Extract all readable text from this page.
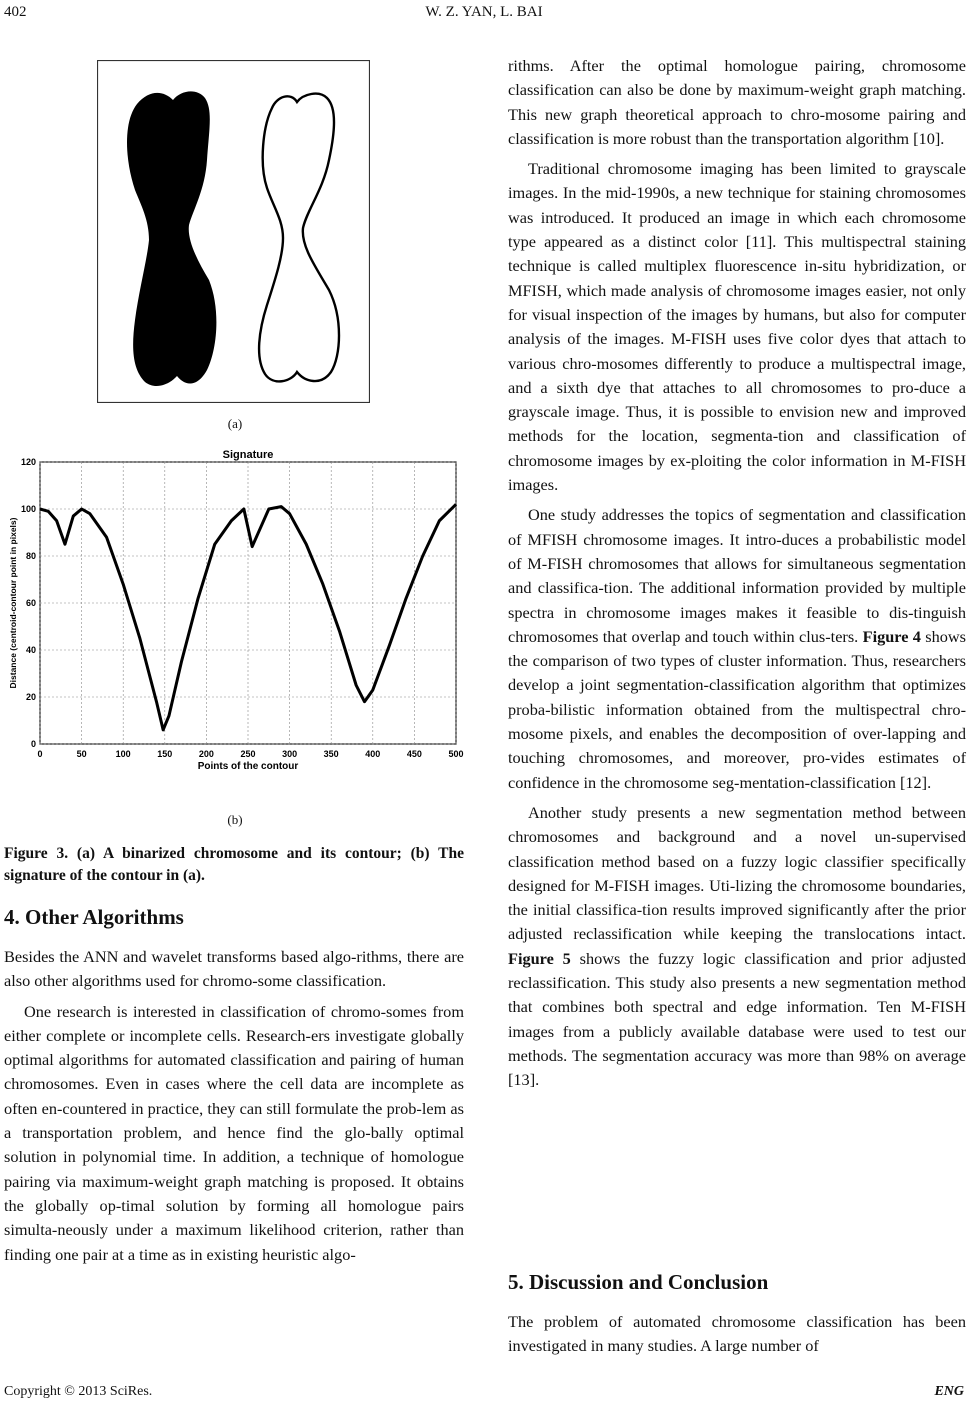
402	W. Z. YAN, L. BAI
(a)
0	50	100	150	200	250	300	350	400	450	500
0
20
40
60
80
100
120
Signature
Points of the contour
Distance (centroid-contour point in pixels)
(b)
Figure 3. (a) A binarized chromosome and its contour; (b) The signature of the contour in (a).
4. Other Algorithms

Besides the ANN and wavelet transforms based algo-rithms, there are also other algorithms used for chromo-some classification.

One research is interested in classification of chromo-somes from either complete or incomplete cells. Research-ers investigate globally optimal algorithms for automated classification and pairing of human chromosomes. Even in cases where the cell data are incomplete as often en-countered in practice, they can still formulate the prob-lem as a transportation problem, and hence find the glo-bally optimal solution in polynomial time. In addition, a technique of homologue pairing via maximum-weight graph matching is proposed. It obtains the globally op-timal solution by forming all homologue pairs simulta-neously under a maximum likelihood criterion, rather than finding one pair at a time as in existing heuristic algo-

rithms. After the optimal homologue pairing, chromosome classification can also be done by maximum-weight graph matching. This new graph theoretical approach to chro-mosome pairing and classification is more robust than the transportation algorithm [10].

Traditional chromosome imaging has been limited to grayscale images. In the mid-1990s, a new technique for staining chromosomes was introduced. It produced an image in which each chromosome type appeared as a distinct color [11]. This multispectral staining technique is called multiplex fluorescence in-situ hybridization, or MFISH, which made analysis of chromosome images easier, not only for visual inspection of the images by humans, but also for computer analysis of the images. M-FISH uses five color dyes that attach to various chro-mosomes differently to produce a multispectral image, and a sixth dye that attaches to all chromosomes to pro-duce a grayscale image. Thus, it is possible to envision new and improved methods for the location, segmenta-tion and classification of chromosome images by ex-ploiting the color information in M-FISH images.

One study addresses the topics of segmentation and classification of MFISH chromosome images. It intro-duces a probabilistic model of M-FISH chromosomes that allows for simultaneous segmentation and classifica-tion. The additional information provided by multiple spectra in chromosome images makes it feasible to dis-tinguish chromosomes that overlap and touch within clus-ters. Figure 4 shows the comparison of two types of cluster information. Thus, researchers develop a joint segmentation-classification algorithm that optimizes proba-bilistic information obtained from the multispectral chro-mosome pixels, and enables the decomposition of over-lapping and touching chromosomes, and moreover, pro-vides estimates of confidence in the chromosome seg-mentation-classification [12].

Another study presents a new segmentation method between chromosomes and background and a novel un-supervised classification method based on a fuzzy logic classifier specifically designed for M-FISH images. Uti-lizing the chromosome boundaries, the initial classifica-tion results improved significantly after the prior adjusted reclassification while keeping the translocations intact. Figure 5 shows the fuzzy logic classification and prior adjusted reclassification. This study also presents a new segmentation method that combines both spectral and edge information. Ten M-FISH images from a publicly available database were used to test our methods. The segmentation accuracy was more than 98% on average [13].

5. Discussion and Conclusion

The problem of automated chromosome classification has been investigated in many studies. A large number of

Copyright © 2013 SciRes.	ENG
